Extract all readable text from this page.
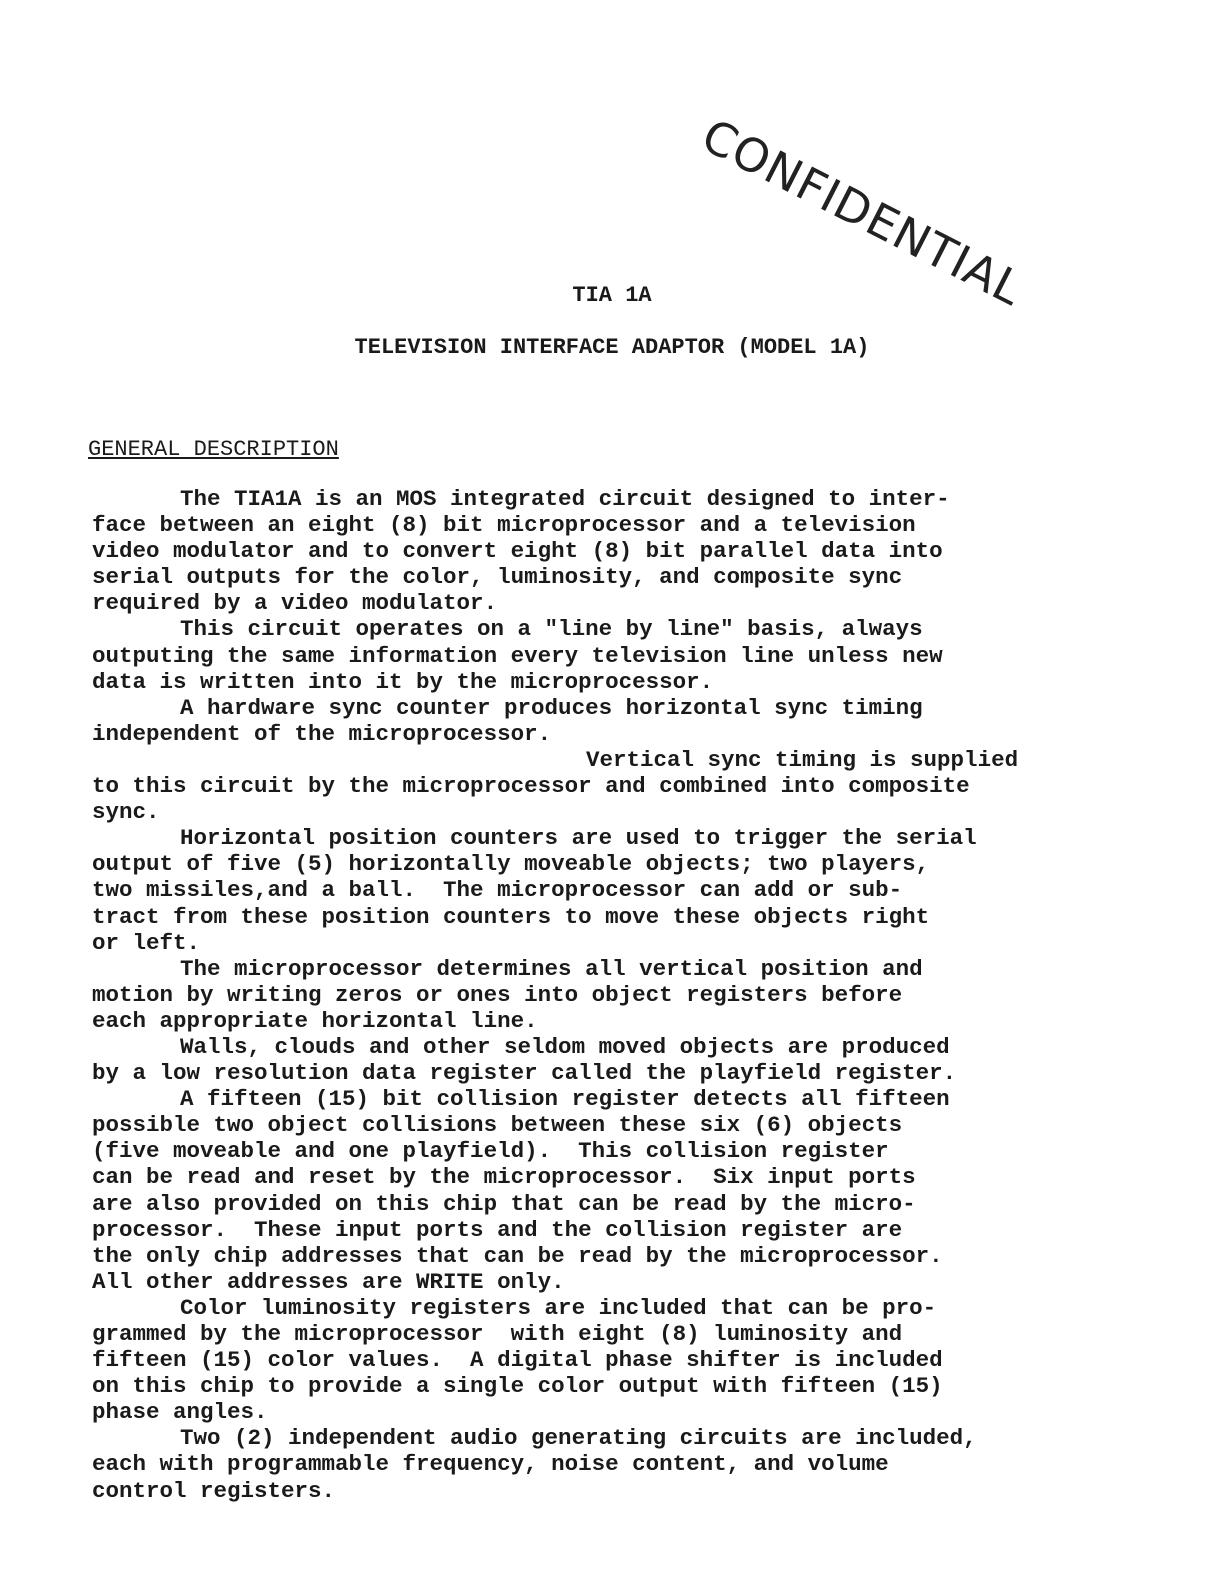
CONFIDENTIAL
TIA 1A
TELEVISION INTERFACE ADAPTOR (MODEL 1A)
GENERAL DESCRIPTION
The TIA1A is an MOS integrated circuit designed to inter-
face between an eight (8) bit microprocessor and a television
video modulator and to convert eight (8) bit parallel data into
serial outputs for the color, luminosity, and composite sync
required by a video modulator.
This circuit operates on a "line by line" basis, always
outputing the same information every television line unless new
data is written into it by the microprocessor.
A hardware sync counter produces horizontal sync timing
independent of the microprocessor.
Vertical sync timing is supplied
to this circuit by the microprocessor and combined into composite
sync.
Horizontal position counters are used to trigger the serial
output of five (5) horizontally moveable objects; two players,
two missiles,and a ball.  The microprocessor can add or sub-
tract from these position counters to move these objects right
or left.
The microprocessor determines all vertical position and
motion by writing zeros or ones into object registers before
each appropriate horizontal line.
Walls, clouds and other seldom moved objects are produced
by a low resolution data register called the playfield register.
A fifteen (15) bit collision register detects all fifteen
possible two object collisions between these six (6) objects
(five moveable and one playfield).  This collision register
can be read and reset by the microprocessor.  Six input ports
are also provided on this chip that can be read by the micro-
processor.  These input ports and the collision register are
the only chip addresses that can be read by the microprocessor.
All other addresses are WRITE only.
Color luminosity registers are included that can be pro-
grammed by the microprocessor  with eight (8) luminosity and
fifteen (15) color values.  A digital phase shifter is included
on this chip to provide a single color output with fifteen (15)
phase angles.
Two (2) independent audio generating circuits are included,
each with programmable frequency, noise content, and volume
control registers.
